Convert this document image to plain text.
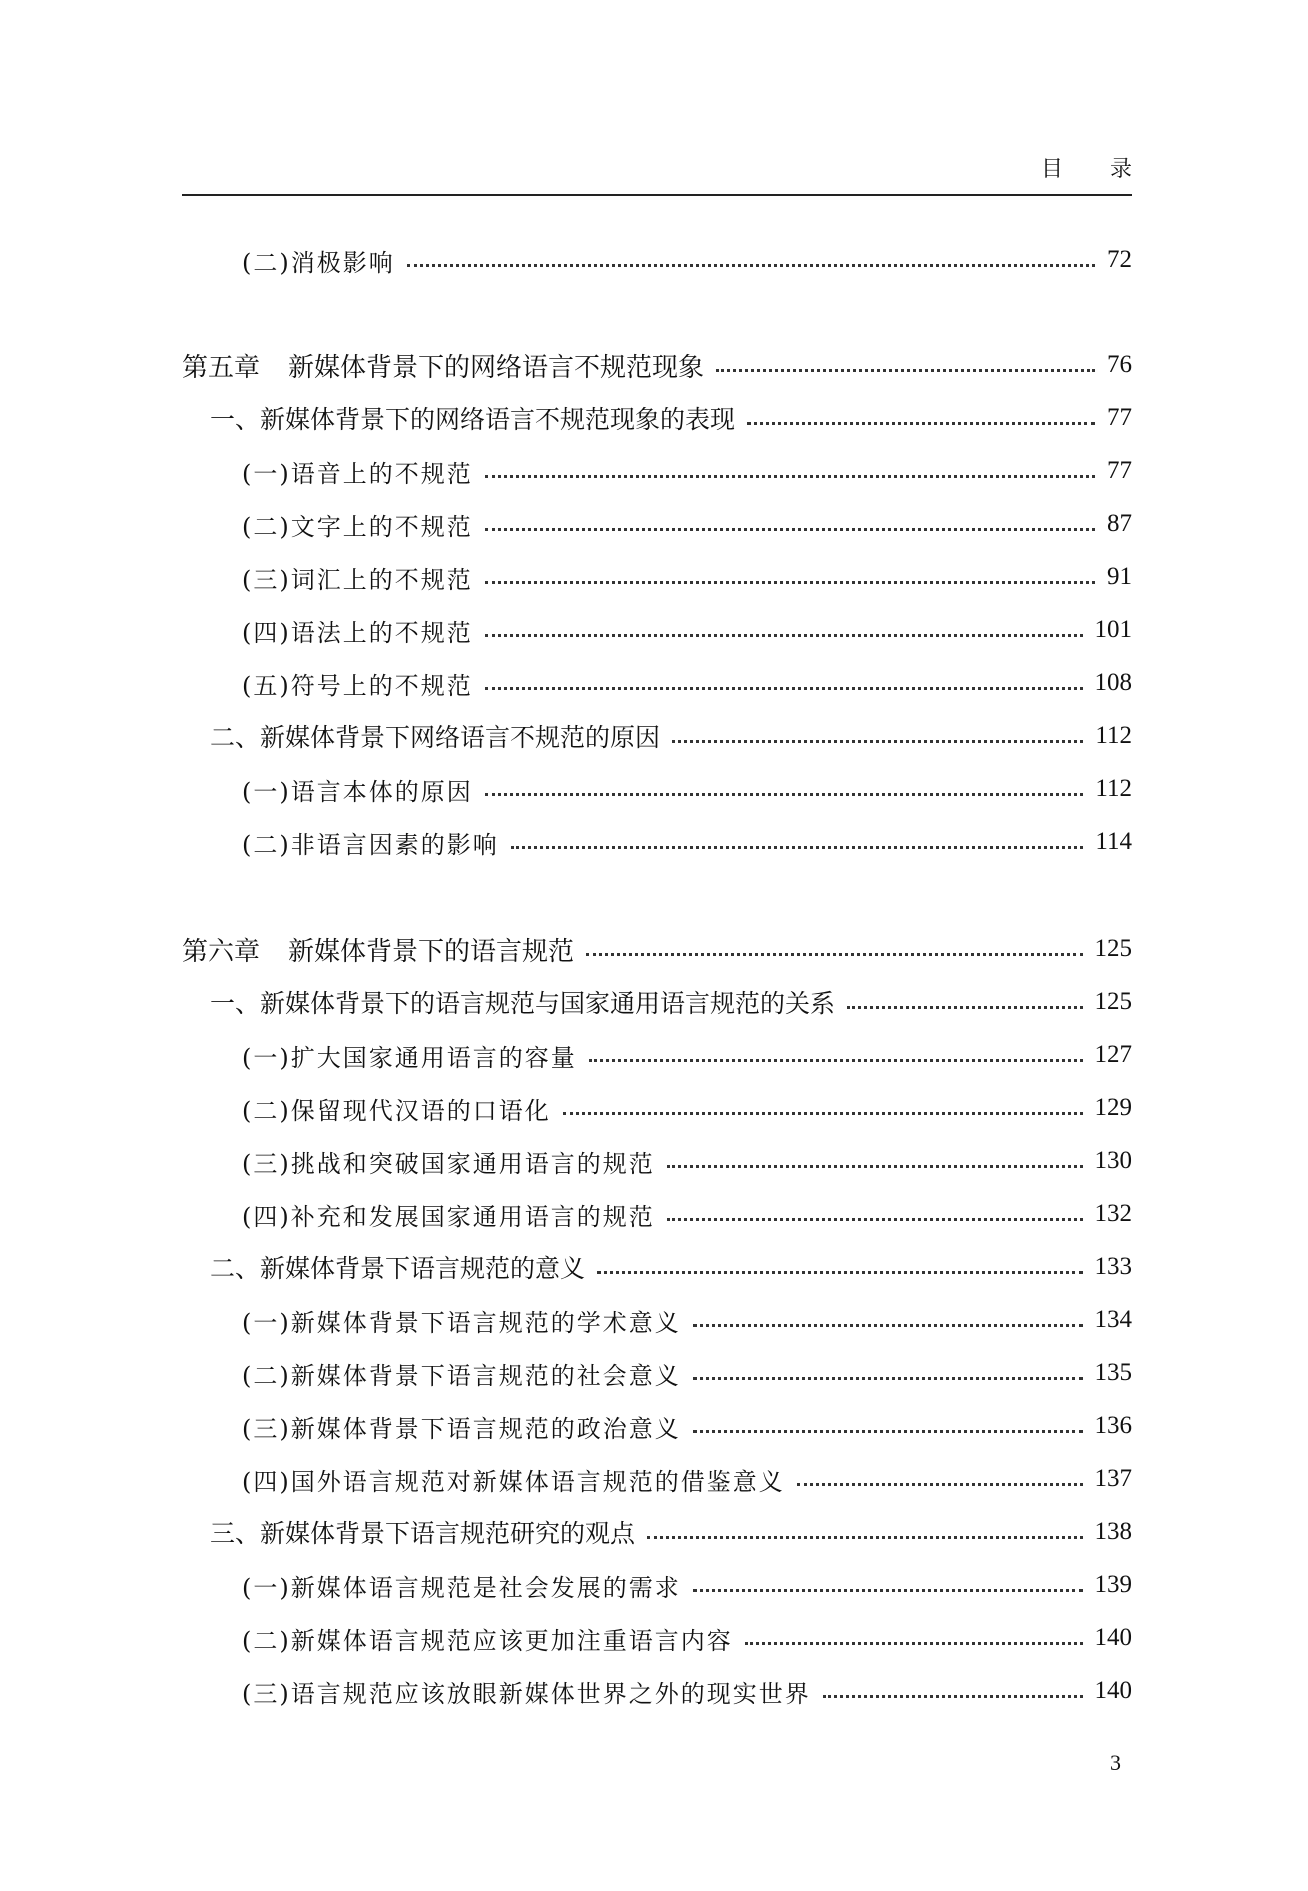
目 录
(二)消极影响	72
第五章 新媒体背景下的网络语言不规范现象	76
一、新媒体背景下的网络语言不规范现象的表现	77
(一)语音上的不规范	77
(二)文字上的不规范	87
(三)词汇上的不规范	91
(四)语法上的不规范	101
(五)符号上的不规范	108
二、新媒体背景下网络语言不规范的原因	112
(一)语言本体的原因	112
(二)非语言因素的影响	114
第六章 新媒体背景下的语言规范	125
一、新媒体背景下的语言规范与国家通用语言规范的关系	125
(一)扩大国家通用语言的容量	127
(二)保留现代汉语的口语化	129
(三)挑战和突破国家通用语言的规范	130
(四)补充和发展国家通用语言的规范	132
二、新媒体背景下语言规范的意义	133
(一)新媒体背景下语言规范的学术意义	134
(二)新媒体背景下语言规范的社会意义	135
(三)新媒体背景下语言规范的政治意义	136
(四)国外语言规范对新媒体语言规范的借鉴意义	137
三、新媒体背景下语言规范研究的观点	138
(一)新媒体语言规范是社会发展的需求	139
(二)新媒体语言规范应该更加注重语言内容	140
(三)语言规范应该放眼新媒体世界之外的现实世界	140
3
